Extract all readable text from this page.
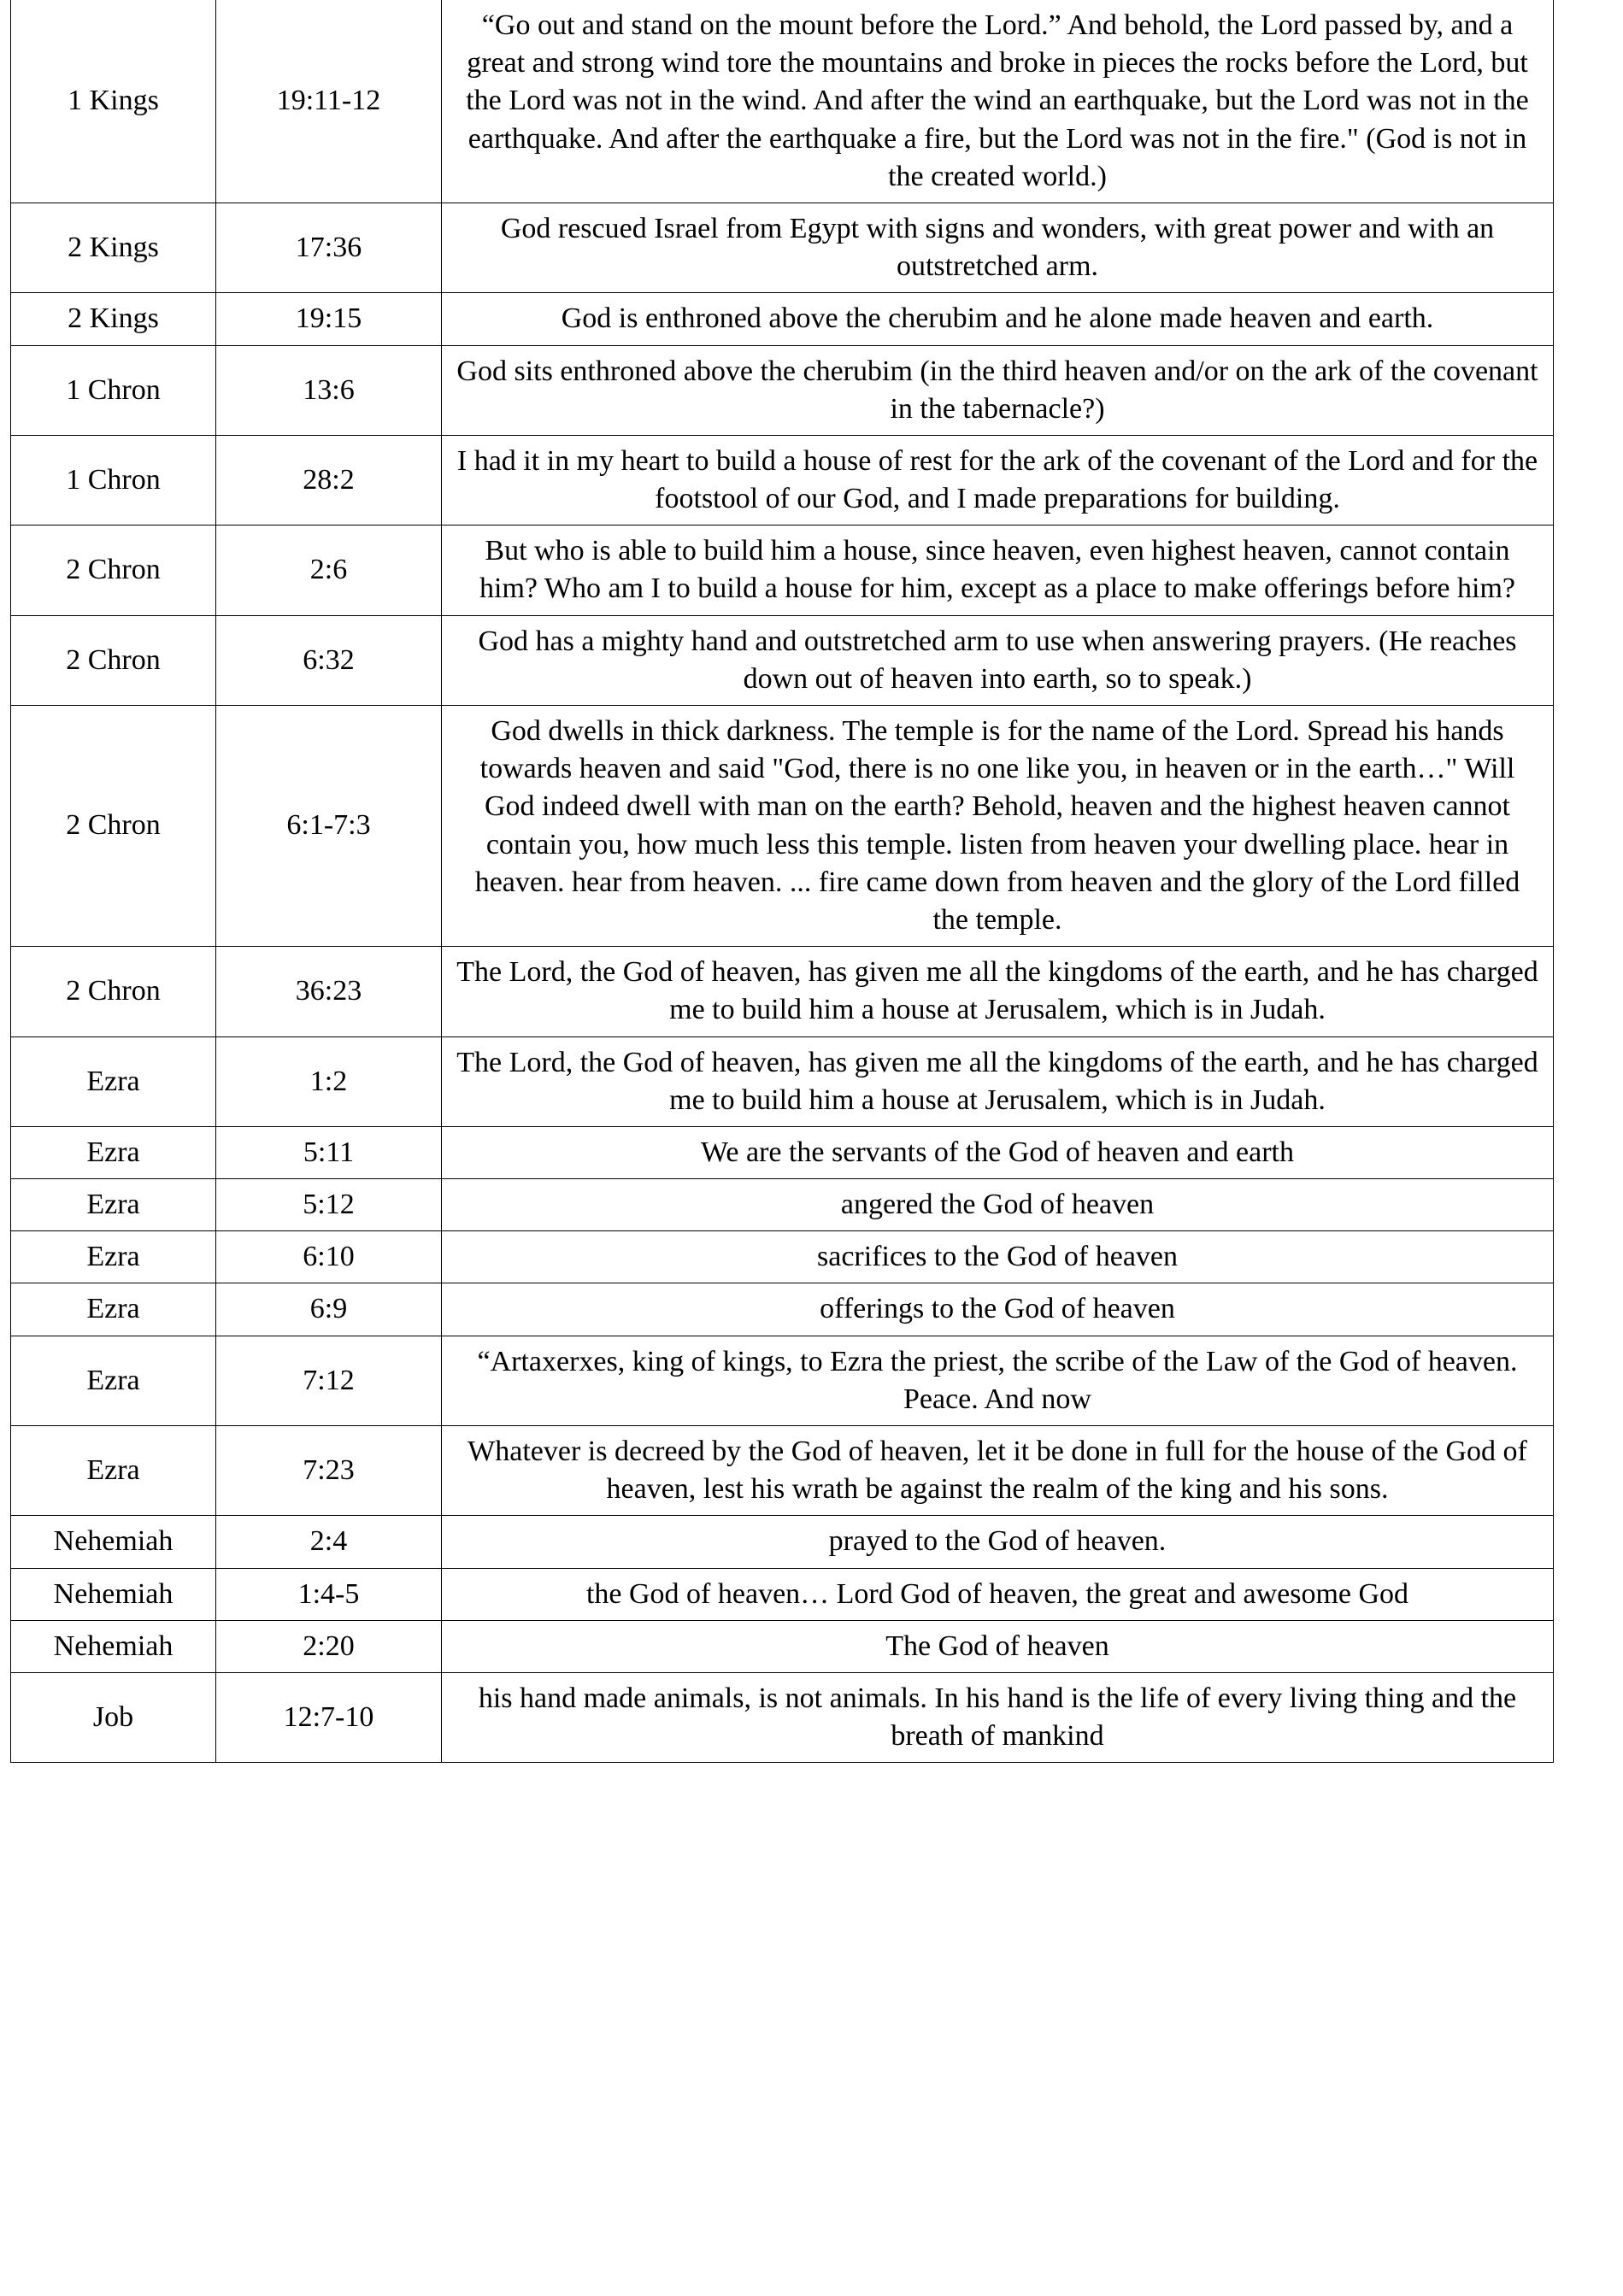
1 Kings	19:11-12	“Go out and stand on the mount before the Lord.” And behold, the Lord passed by, and a great and strong wind tore the mountains and broke in pieces the rocks before the Lord, but the Lord was not in the wind. And after the wind an earthquake, but the Lord was not in the earthquake. And after the earthquake a fire, but the Lord was not in the fire." (God is not in the created world.)
2 Kings	17:36	God rescued Israel from Egypt with signs and wonders, with great power and with an outstretched arm.
2 Kings	19:15	God is enthroned above the cherubim and he alone made heaven and earth.
1 Chron	13:6	God sits enthroned above the cherubim (in the third heaven and/or on the ark of the covenant in the tabernacle?)
1 Chron	28:2	I had it in my heart to build a house of rest for the ark of the covenant of the Lord and for the footstool of our God, and I made preparations for building.
2 Chron	2:6	But who is able to build him a house, since heaven, even highest heaven, cannot contain him? Who am I to build a house for him, except as a place to make offerings before him?
2 Chron	6:32	God has a mighty hand and outstretched arm to use when answering prayers. (He reaches down out of heaven into earth, so to speak.)
2 Chron	6:1-7:3	God dwells in thick darkness. The temple is for the name of the Lord. Spread his hands towards heaven and said "God, there is no one like you, in heaven or in the earth…" Will God indeed dwell with man on the earth? Behold, heaven and the highest heaven cannot contain you, how much less this temple. listen from heaven your dwelling place. hear in heaven. hear from heaven. ... fire came down from heaven and the glory of the Lord filled the temple.
2 Chron	36:23	The Lord, the God of heaven, has given me all the kingdoms of the earth, and he has charged me to build him a house at Jerusalem, which is in Judah.
Ezra	1:2	The Lord, the God of heaven, has given me all the kingdoms of the earth, and he has charged me to build him a house at Jerusalem, which is in Judah.
Ezra	5:11	We are the servants of the God of heaven and earth
Ezra	5:12	angered the God of heaven
Ezra	6:10	sacrifices to the God of heaven
Ezra	6:9	offerings to the God of heaven
Ezra	7:12	“Artaxerxes, king of kings, to Ezra the priest, the scribe of the Law of the God of heaven. Peace. And now
Ezra	7:23	Whatever is decreed by the God of heaven, let it be done in full for the house of the God of heaven, lest his wrath be against the realm of the king and his sons.
Nehemiah	2:4	prayed to the God of heaven.
Nehemiah	1:4-5	the God of heaven… Lord God of heaven, the great and awesome God
Nehemiah	2:20	The God of heaven
Job	12:7-10	his hand made animals, is not animals. In his hand is the life of every living thing and the breath of mankind
